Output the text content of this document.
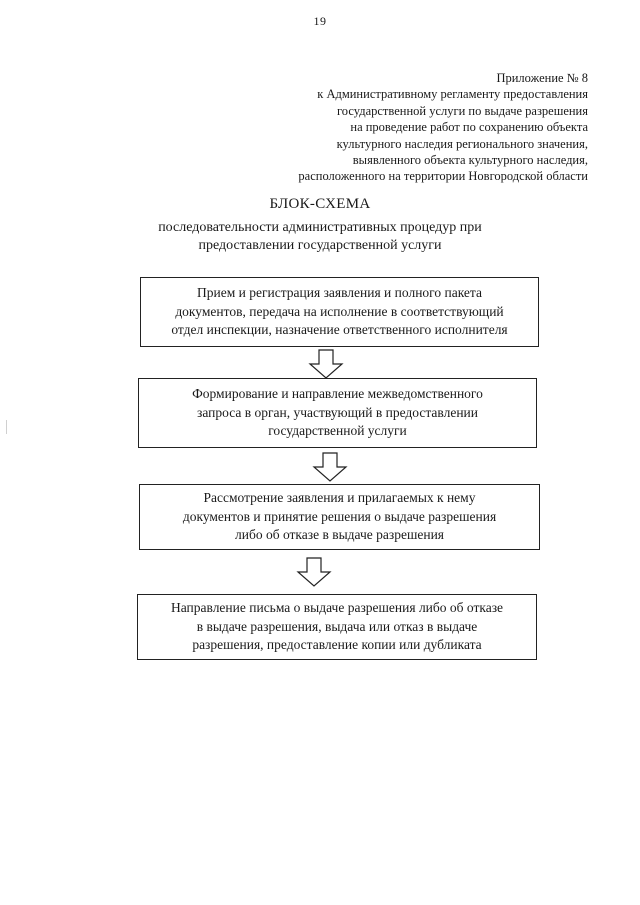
19
Приложение № 8
к Административному регламенту предоставления
государственной услуги по выдаче разрешения
на проведение работ по сохранению объекта
культурного наследия регионального значения,
выявленного объекта культурного наследия,
расположенного на территории Новгородской области
БЛОК-СХЕМА
последовательности административных процедур при
предоставлении государственной услуги
Прием и регистрация заявления и полного пакета
документов, передача на исполнение в соответствующий
отдел инспекции, назначение ответственного исполнителя
Формирование и направление межведомственного
запроса в орган, участвующий в предоставлении
государственной услуги
Рассмотрение заявления и прилагаемых к нему
документов и принятие решения о выдаче разрешения
либо об отказе в выдаче разрешения
Направление письма о выдаче разрешения либо об отказе
в выдаче разрешения, выдача или отказ в выдаче
разрешения, предоставление копии или дубликата
